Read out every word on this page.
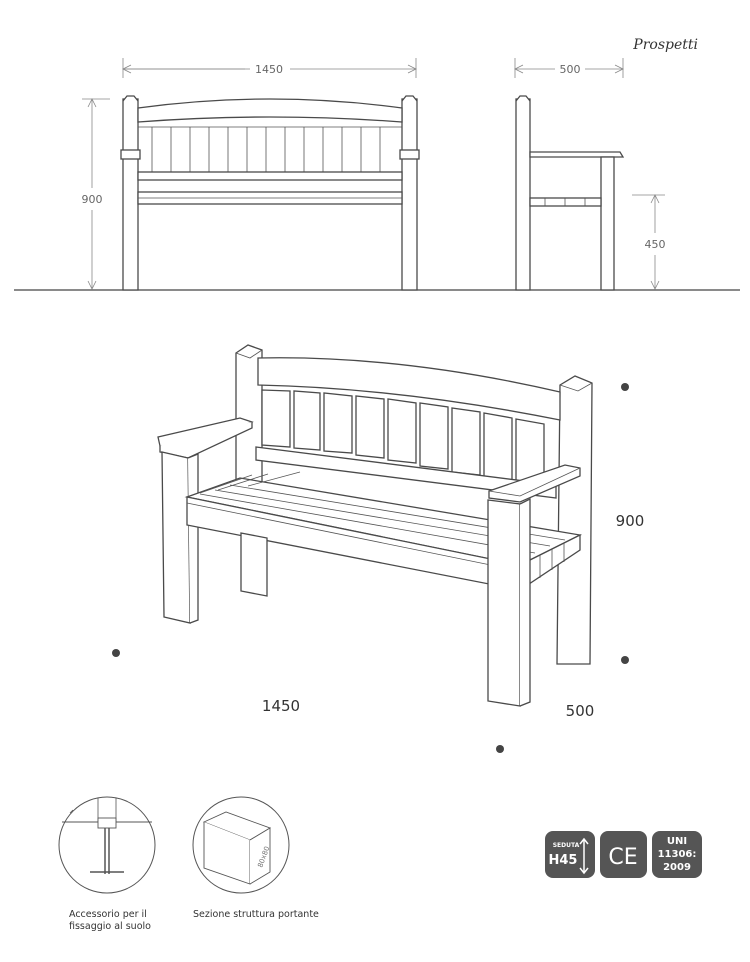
Prospetti
1450
900
500
450
900
1450	500
Accessorio per il
fissaggio al suolo
80x80
Sezione struttura portante
SEDUTA
H45 CE
UNI
11306:
2009
